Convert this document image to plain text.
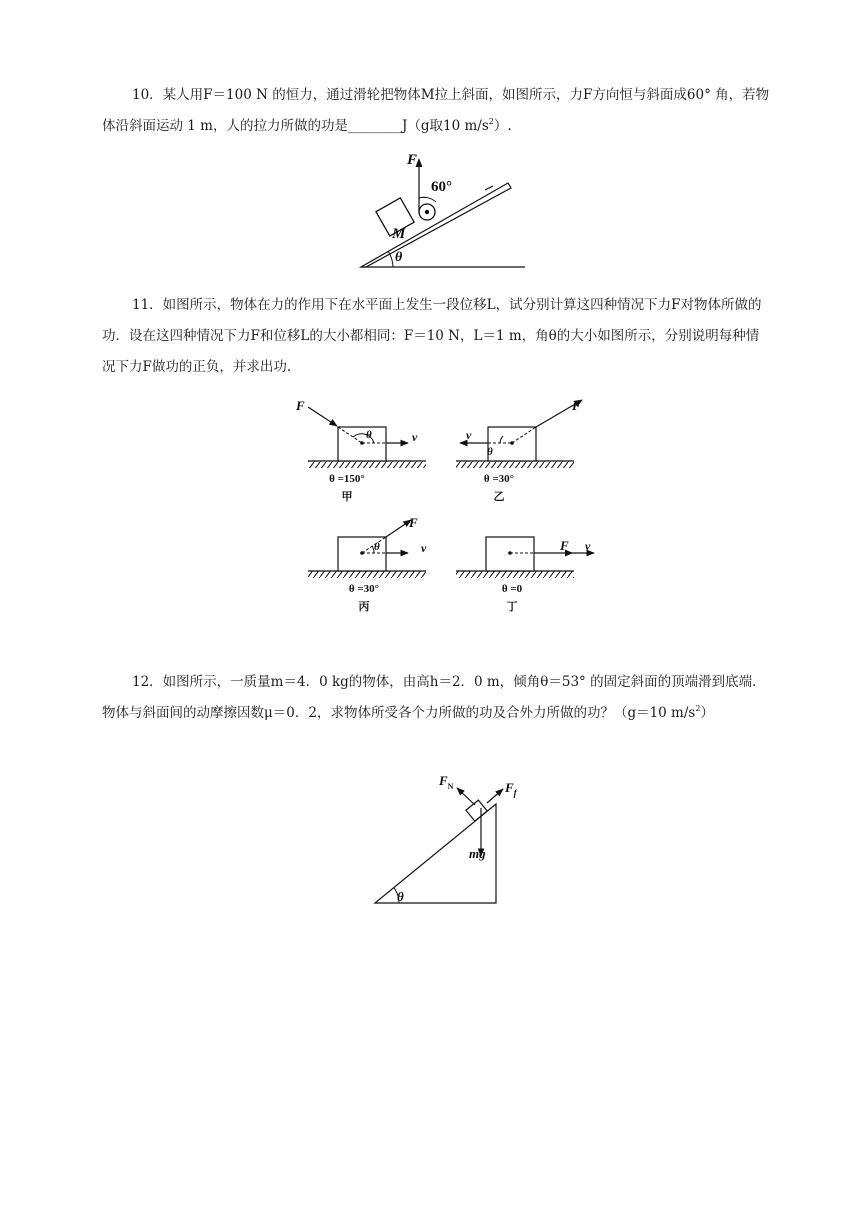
10．某人用F＝100 N 的恒力，通过滑轮把物体M拉上斜面，如图所示，力F方向恒与斜面成60° 角，若物体沿斜面运动 1 m，人的拉力所做的功是________J（g取10 $m/s^2$）.

F
60°
M
θ

11．如图所示，物体在力的作用下在水平面上发生一段位移L，试分别计算这四种情况下力F对物体所做的功．设在这四种情况下力F和位移L的大小都相同：F＝10 N，L＝1 m，角θ的大小如图所示，分别说明每种情况下力F做功的正负，并求出功.

F
θ	v
θ =150°
甲
F
v
θ
θ =30°
乙
F
θ	v
θ =30°
丙
F v
θ =0
丁

12．如图所示，一质量m＝4．0 kg的物体，由高h＝2．0 m，倾角θ＝53° 的固定斜面的顶端滑到底端．物体与斜面间的动摩擦因数μ＝0．2，求物体所受各个力所做的功及合外力所做的功？（g＝10 $m/s^2$）

$F_N$	$F_f$
mg
θ
